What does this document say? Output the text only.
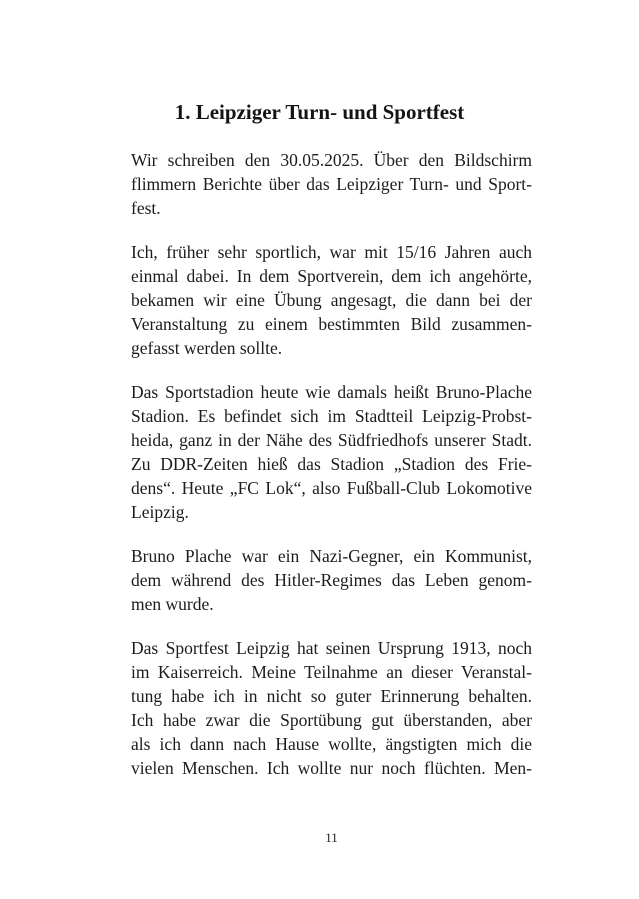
1. Leipziger Turn- und Sportfest
Wir schreiben den 30.05.2025. Über den Bildschirm
flimmern Berichte über das Leipziger Turn- und Sport-
fest.
Ich, früher sehr sportlich, war mit 15/16 Jahren auch
einmal dabei. In dem Sportverein, dem ich angehörte,
bekamen wir eine Übung angesagt, die dann bei der
Veranstaltung zu einem bestimmten Bild zusammen-
gefasst werden sollte.
Das Sportstadion heute wie damals heißt Bruno-Plache
Stadion. Es befindet sich im Stadtteil Leipzig-Probst-
heida, ganz in der Nähe des Südfriedhofs unserer Stadt.
Zu DDR-Zeiten hieß das Stadion „Stadion des Frie-
dens“. Heute „FC Lok“, also Fußball-Club Lokomotive
Leipzig.
Bruno Plache war ein Nazi-Gegner, ein Kommunist,
dem während des Hitler-Regimes das Leben genom-
men wurde.
Das Sportfest Leipzig hat seinen Ursprung 1913, noch
im Kaiserreich. Meine Teilnahme an dieser Veranstal-
tung habe ich in nicht so guter Erinnerung behalten.
Ich habe zwar die Sportübung gut überstanden, aber
als ich dann nach Hause wollte, ängstigten mich die
vielen Menschen. Ich wollte nur noch flüchten. Men-
11
